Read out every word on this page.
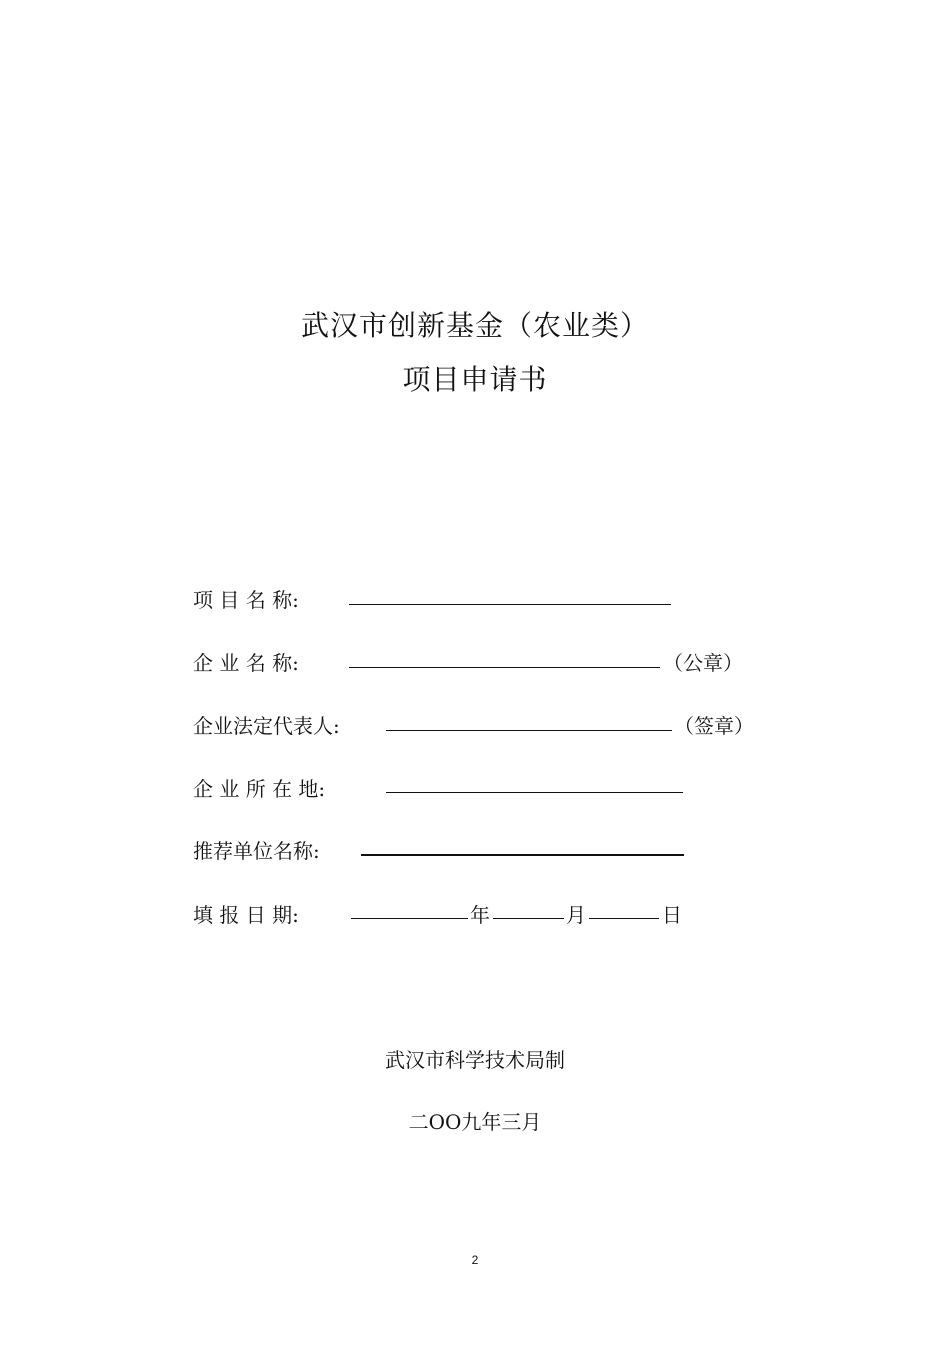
武汉市创新基金（农业类）
项目申请书
项 目 名 称:
企 业 名 称:	（公章）
企业法定代表人:	（签章）
企 业 所 在 地:
推荐单位名称:
填 报 日 期:	年	月	日
武汉市科学技术局制
二OO九年三月
2
